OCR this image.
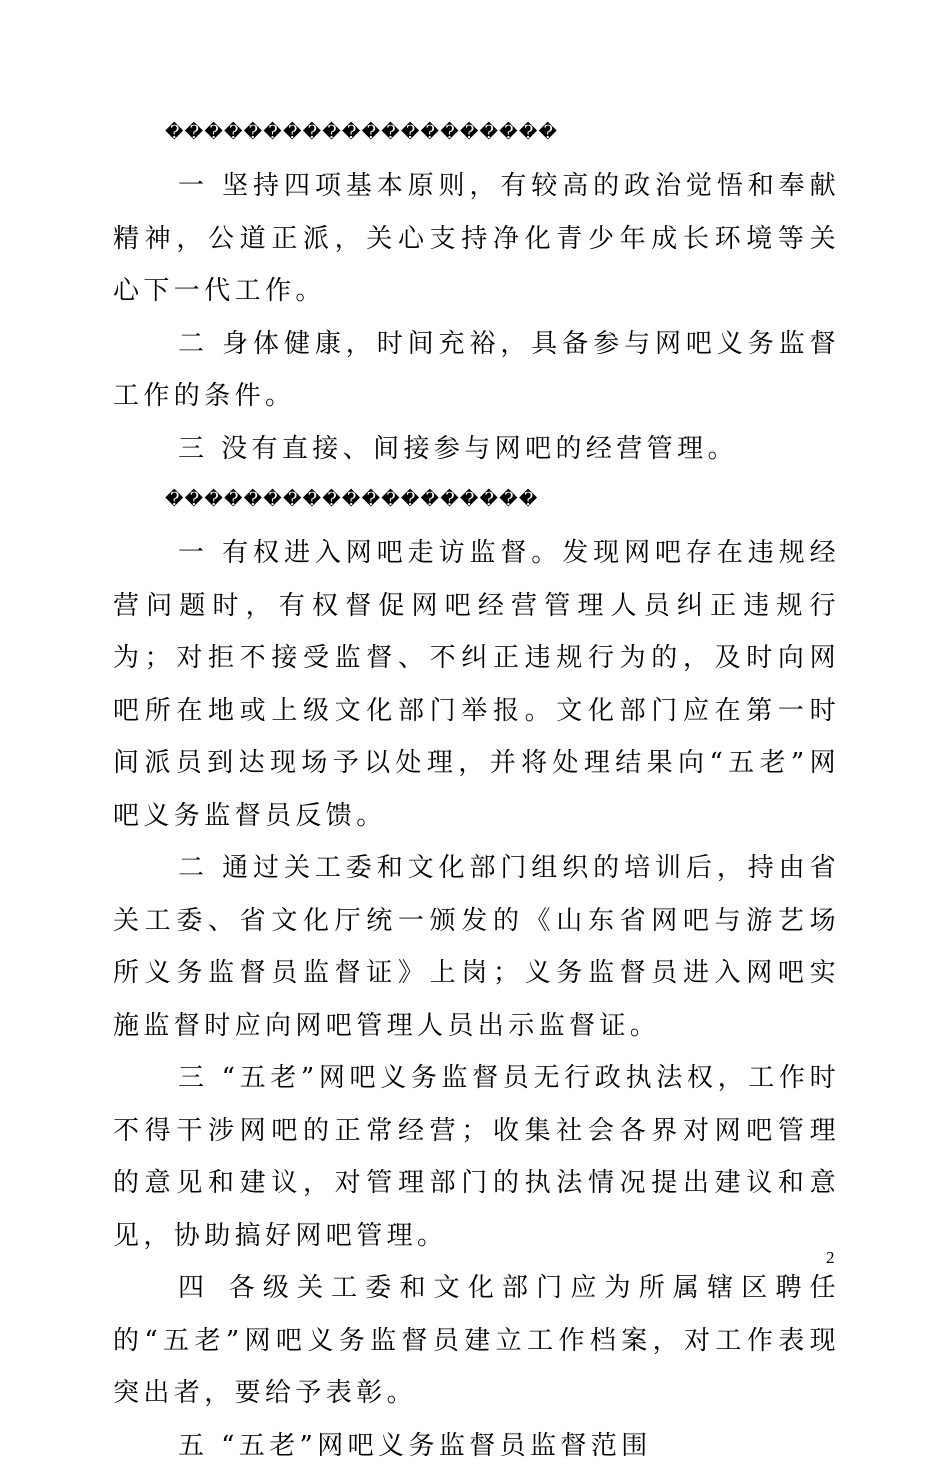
��������������������

一 坚持四项基本原则，有较高的政治觉悟和奉献精神，公道正派，关心支持净化青少年成长环境等关心下一代工作。

二 身体健康，时间充裕，具备参与网吧义务监督工作的条件。

三 没有直接、间接参与网吧的经营管理。

�������������������

一 有权进入网吧走访监督。发现网吧存在违规经营问题时，有权督促网吧经营管理人员纠正违规行为；对拒不接受监督、不纠正违规行为的，及时向网吧所在地或上级文化部门举报。文化部门应在第一时间派员到达现场予以处理，并将处理结果向“五老”网吧义务监督员反馈。

二 通过关工委和文化部门组织的培训后，持由省关工委、省文化厅统一颁发的《山东省网吧与游艺场所义务监督员监督证》上岗；义务监督员进入网吧实施监督时应向网吧管理人员出示监督证。

三 “五老”网吧义务监督员无行政执法权，工作时不得干涉网吧的正常经营；收集社会各界对网吧管理的意见和建议，对管理部门的执法情况提出建议和意见，协助搞好网吧管理。

四 各级关工委和文化部门应为所属辖区聘任的“五老”网吧义务监督员建立工作档案，对工作表现突出者，要给予表彰。

五 “五老”网吧义务监督员监督范围

2
